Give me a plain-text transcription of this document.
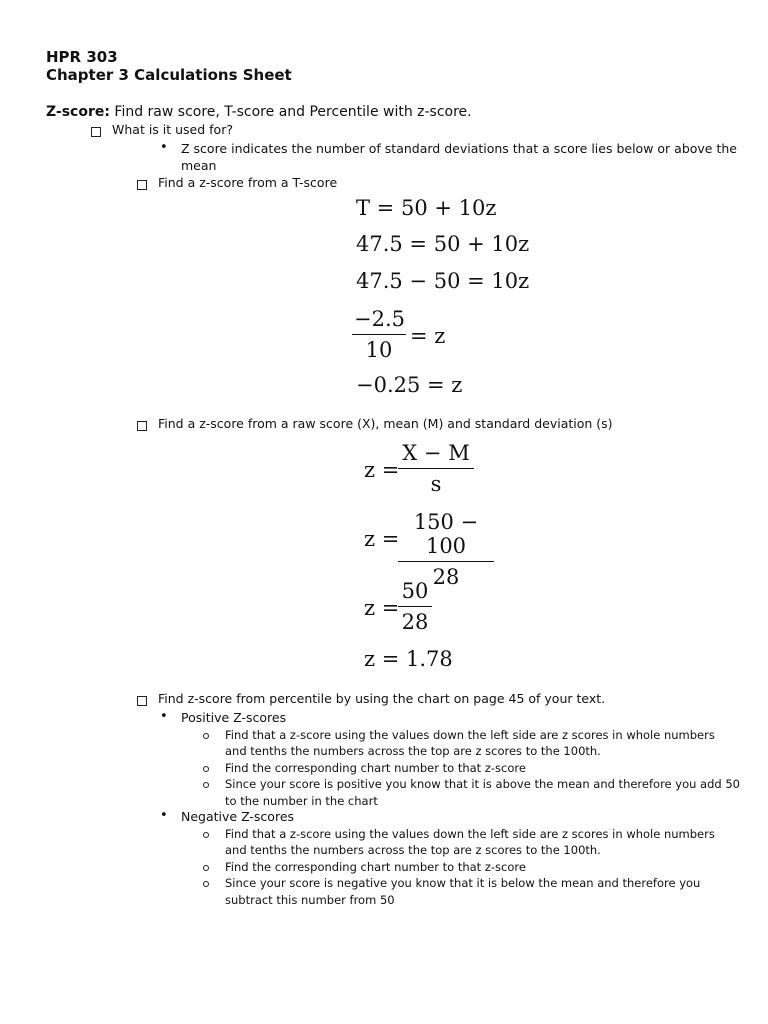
HPR 303
Chapter 3 Calculations Sheet
Z-score: Find raw score, T-score and Percentile with z-score.
What is it used for?
• Z score indicates the number of standard deviations that a score lies below or above the
mean
Find a z-score from a T-score
T = 50 + 10z
47.5 = 50 + 10z
47.5 − 50 = 10z
−2.5
10
= z
−0.25 = z
Find a z-score from a raw score (X), mean (M) and standard deviation (s)
z =
X − M
s
z =
150 − 100
28
z =
50
28
z = 1.78
Find z-score from percentile by using the chart on page 45 of your text.
• Positive Z-scores
Find that a z-score using the values down the left side are z scores in whole numbers
and tenths the numbers across the top are z scores to the 100th.
Find the corresponding chart number to that z-score
Since your score is positive you know that it is above the mean and therefore you add 50
to the number in the chart
• Negative Z-scores
Find that a z-score using the values down the left side are z scores in whole numbers
and tenths the numbers across the top are z scores to the 100th.
Find the corresponding chart number to that z-score
Since your score is negative you know that it is below the mean and therefore you
subtract this number from 50
